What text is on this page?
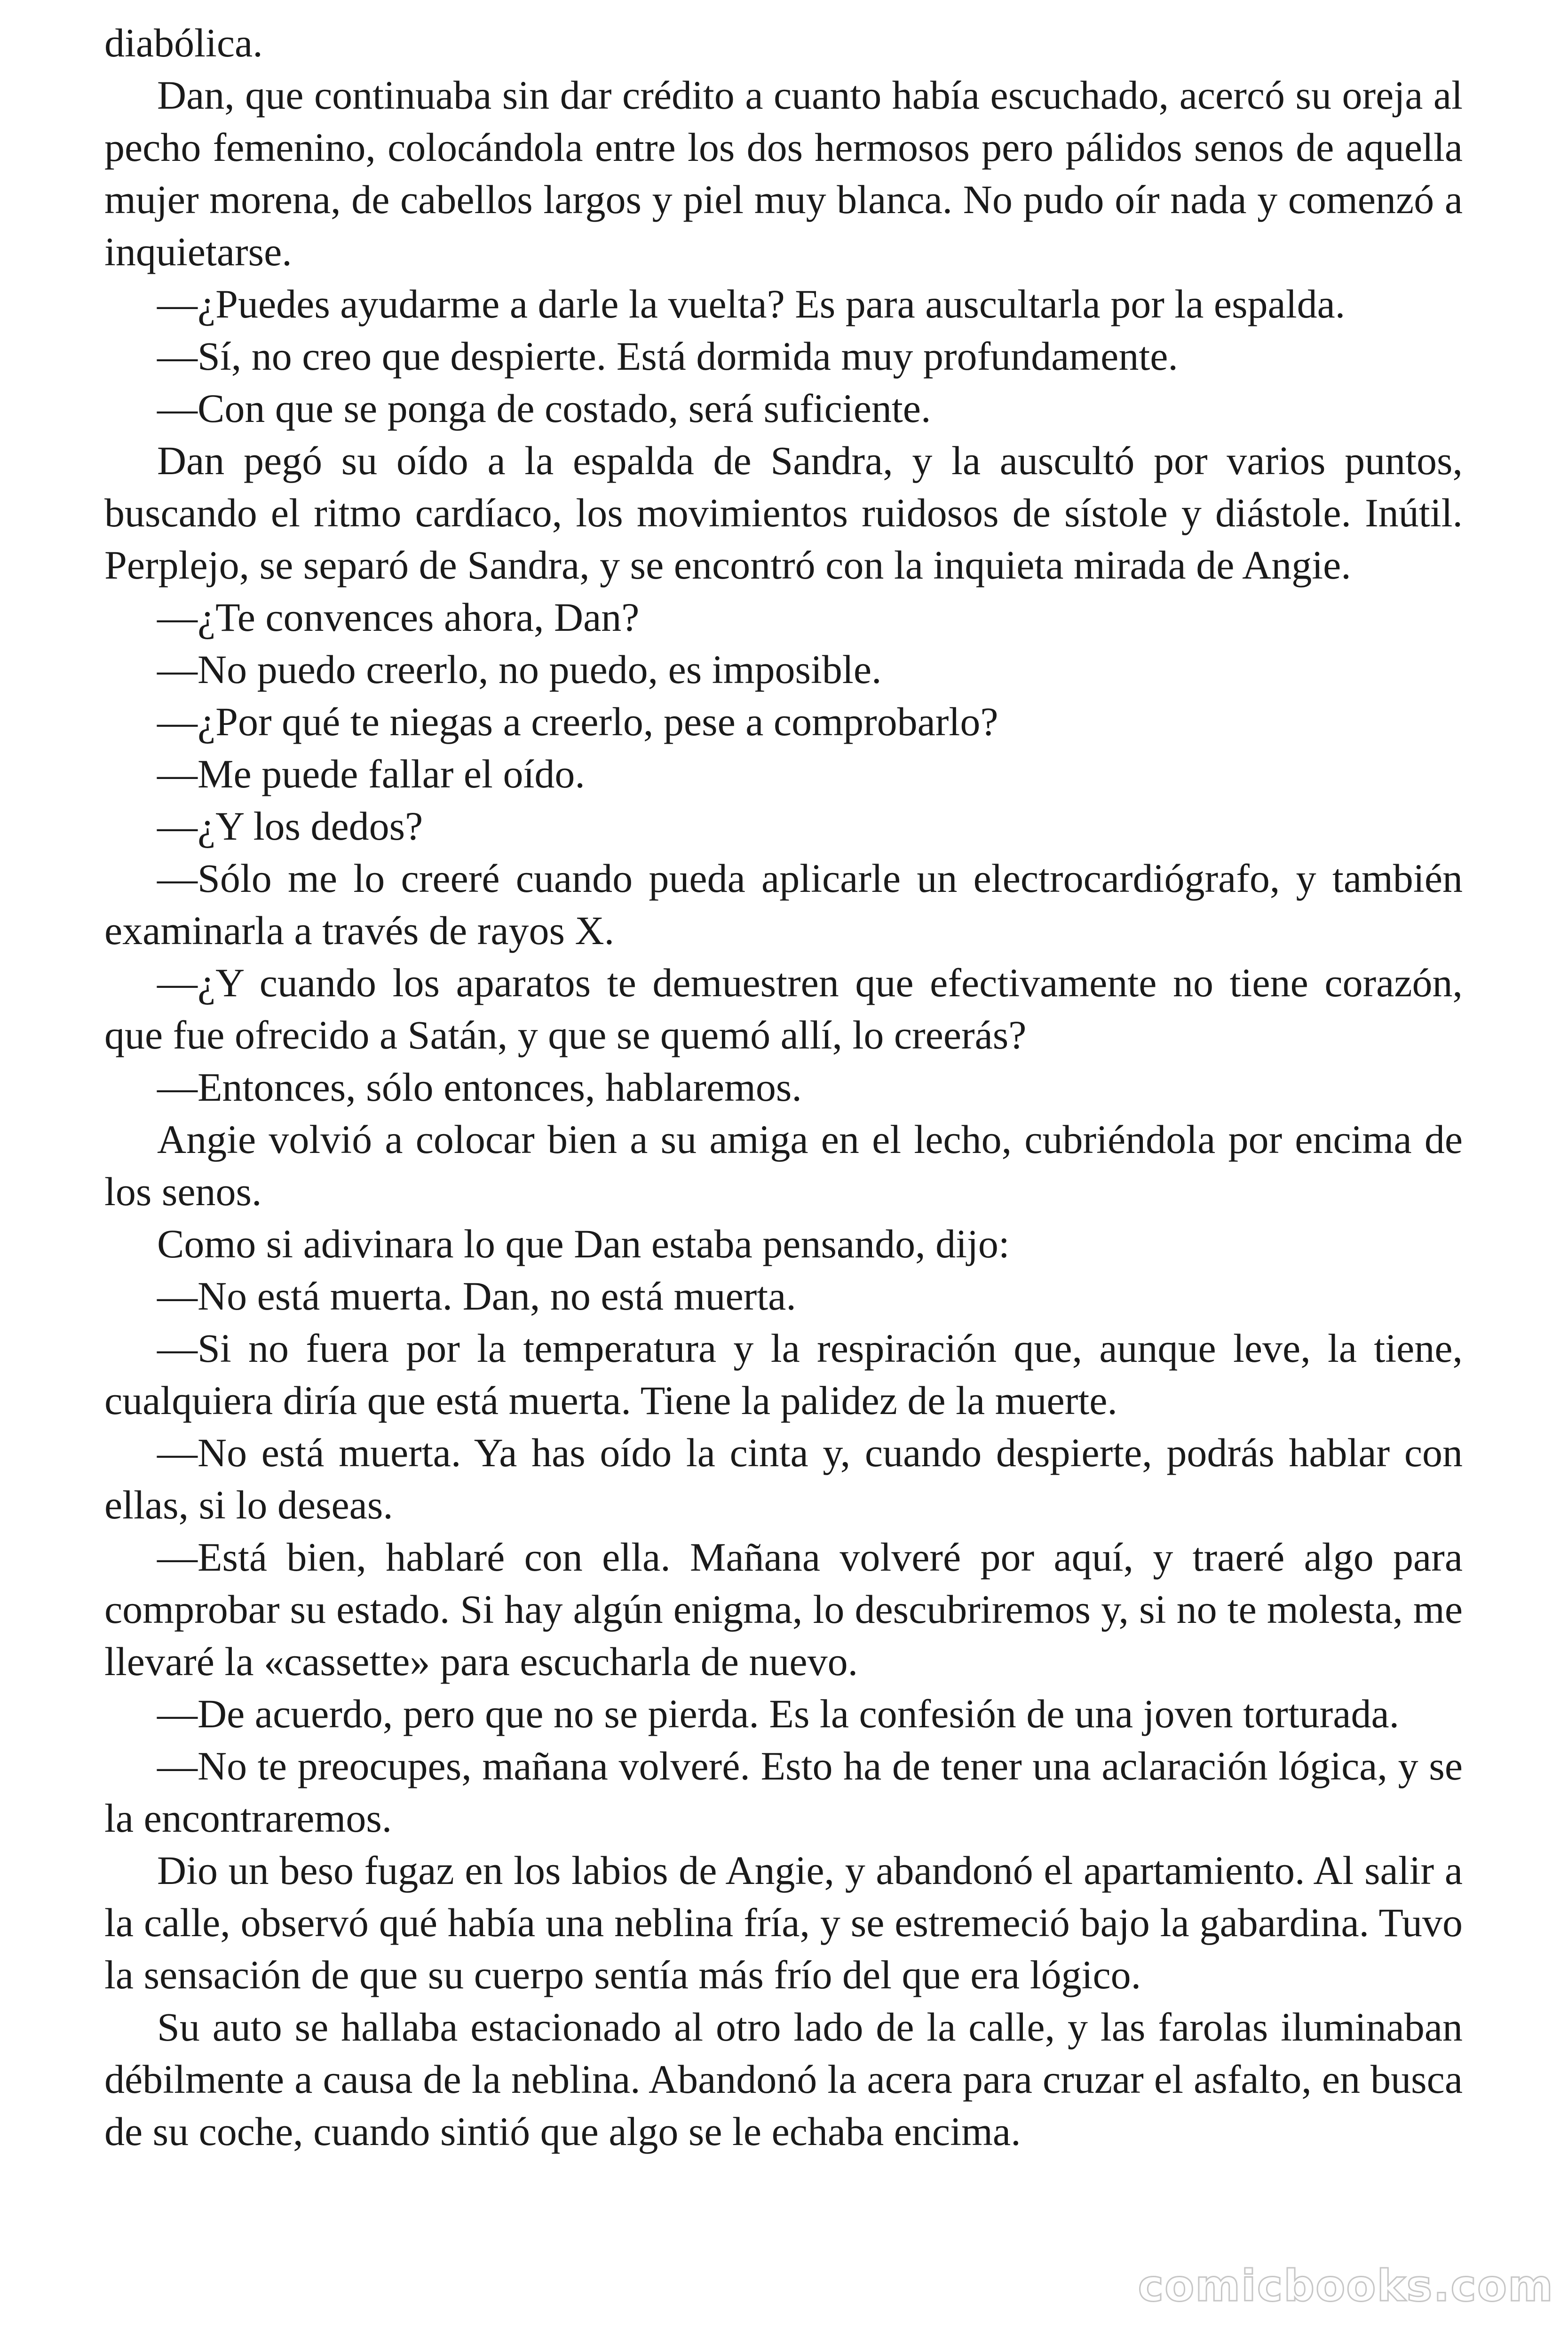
diabólica.

Dan, que continuaba sin dar crédito a cuanto había escuchado, acercó su oreja al pecho femenino, colocándola entre los dos hermosos pero pálidos senos de aquella mujer morena, de cabellos largos y piel muy blanca. No pudo oír nada y comenzó a inquietarse.

—¿Puedes ayudarme a darle la vuelta? Es para auscultarla por la espalda.

—Sí, no creo que despierte. Está dormida muy profundamente.

—Con que se ponga de costado, será suficiente.

Dan pegó su oído a la espalda de Sandra, y la auscultó por varios puntos, buscando el ritmo cardíaco, los movimientos ruidosos de sístole y diástole. Inútil. Perplejo, se separó de Sandra, y se encontró con la inquieta mirada de Angie.

—¿Te convences ahora, Dan?

—No puedo creerlo, no puedo, es imposible.

—¿Por qué te niegas a creerlo, pese a comprobarlo?

—Me puede fallar el oído.

—¿Y los dedos?

—Sólo me lo creeré cuando pueda aplicarle un electrocardiógrafo, y también examinarla a través de rayos X.

—¿Y cuando los aparatos te demuestren que efectivamente no tiene corazón, que fue ofrecido a Satán, y que se quemó allí, lo creerás?

—Entonces, sólo entonces, hablaremos.

Angie volvió a colocar bien a su amiga en el lecho, cubriéndola por encima de los senos.

Como si adivinara lo que Dan estaba pensando, dijo:

—No está muerta. Dan, no está muerta.

—Si no fuera por la temperatura y la respiración que, aunque leve, la tiene, cualquiera diría que está muerta. Tiene la palidez de la muerte.

—No está muerta. Ya has oído la cinta y, cuando despierte, podrás hablar con ellas, si lo deseas.

—Está bien, hablaré con ella. Mañana volveré por aquí, y traeré algo para comprobar su estado. Si hay algún enigma, lo descubriremos y, si no te molesta, me llevaré la «cassette» para escucharla de nuevo.

—De acuerdo, pero que no se pierda. Es la confesión de una joven torturada.

—No te preocupes, mañana volveré. Esto ha de tener una aclaración lógica, y se la encontraremos.

Dio un beso fugaz en los labios de Angie, y abandonó el apartamiento. Al salir a la calle, observó qué había una neblina fría, y se estremeció bajo la gabardina. Tuvo la sensación de que su cuerpo sentía más frío del que era lógico.

Su auto se hallaba estacionado al otro lado de la calle, y las farolas iluminaban débilmente a causa de la neblina. Abandonó la acera para cruzar el asfalto, en busca de su coche, cuando sintió que algo se le echaba encima.

comicbooks.com
